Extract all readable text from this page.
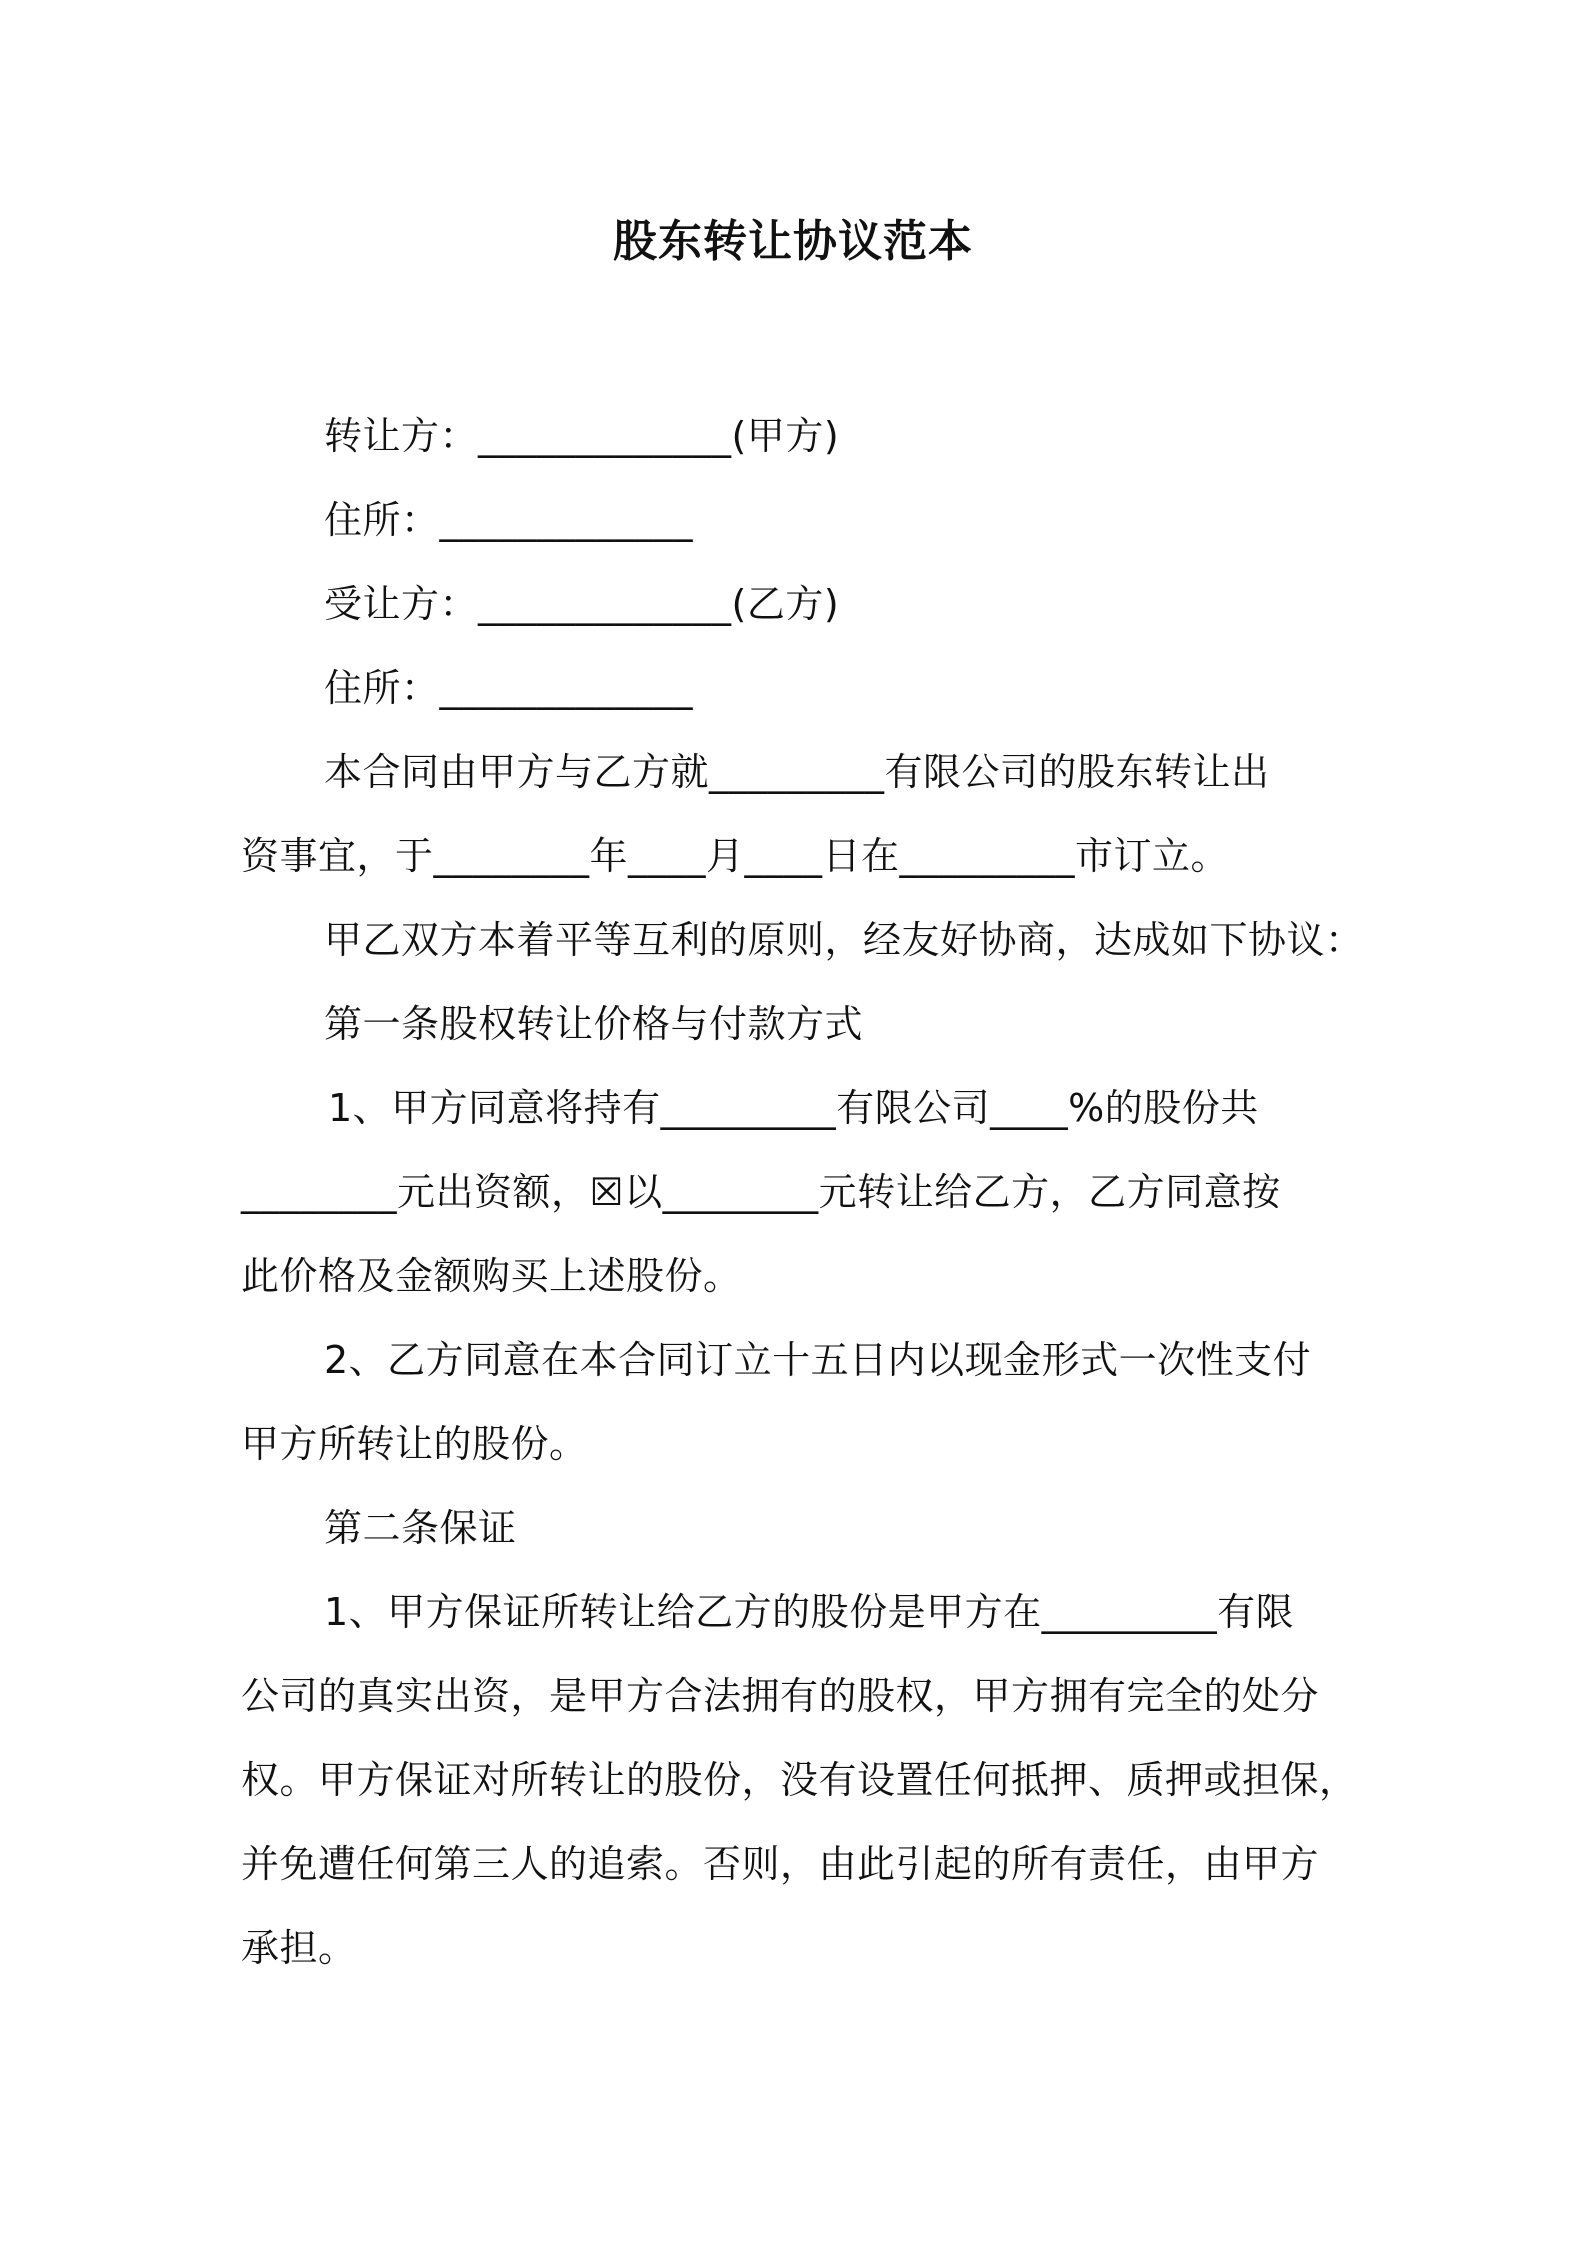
股东转让协议范本
转让方：_____________(甲方)
住所：_____________
受让方：_____________(乙方)
住所：_____________
本合同由甲方与乙方就_________有限公司的股东转让出
资事宜，于________年____月____日在_________市订立。
甲乙双方本着平等互利的原则，经友好协商，达成如下协议：
第一条股权转让价格与付款方式
1、甲方同意将持有_________有限公司____%的股份共
________元出资额，☒以________元转让给乙方，乙方同意按
此价格及金额购买上述股份。
2、乙方同意在本合同订立十五日内以现金形式一次性支付
甲方所转让的股份。
第二条保证
1、甲方保证所转让给乙方的股份是甲方在_________有限
公司的真实出资，是甲方合法拥有的股权，甲方拥有完全的处分
权。甲方保证对所转让的股份，没有设置任何抵押、质押或担保，
并免遭任何第三人的追索。否则，由此引起的所有责任，由甲方
承担。
